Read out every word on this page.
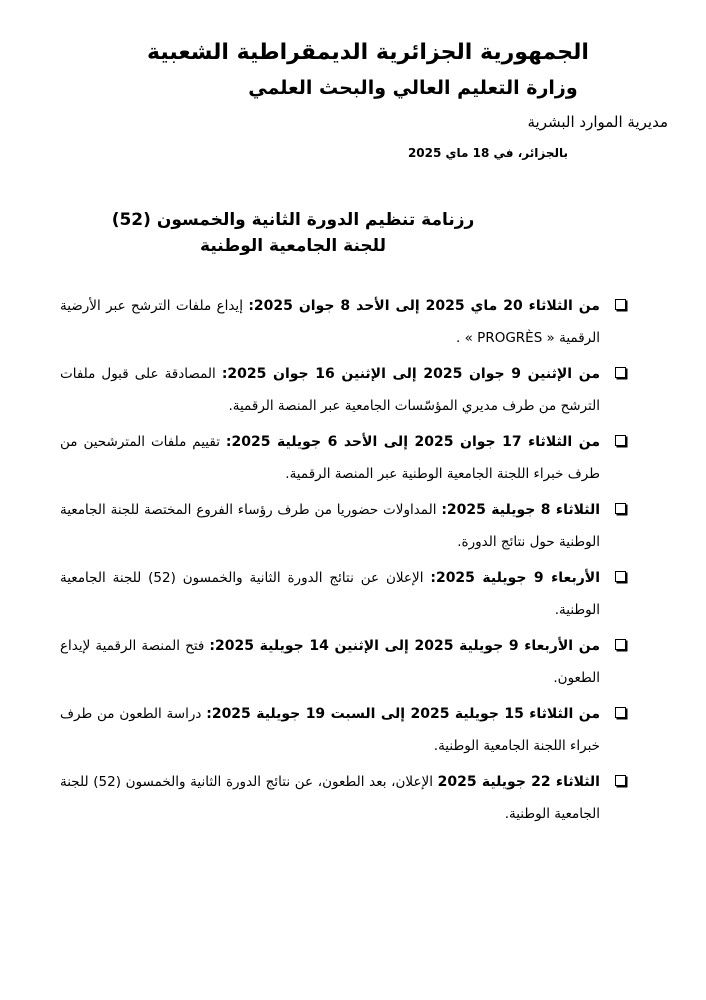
الجمهورية الجزائرية الديمقراطية الشعبية
وزارة التعليم العالي والبحث العلمي
مديرية الموارد البشرية
بالجزائر، في 18 ماي 2025
رزنامة تنظيم الدورة الثانية والخمسون (52)
للجنة الجامعية الوطنية
من الثلاثاء 20 ماي 2025 إلى الأحد 8 جوان 2025: إيداع ملفات الترشح عبر الأرضية الرقمية « PROGRÈS » .
من الإثنين 9 جوان 2025 إلى الإثنين 16 جوان 2025: المصادقة على قبول ملفات الترشح من طرف مديري المؤسّسات الجامعية عبر المنصة الرقمية.
من الثلاثاء 17 جوان 2025 إلى الأحد 6 جويلية 2025: تقييم ملفات المترشحين من طرف خبراء اللجنة الجامعية الوطنية عبر المنصة الرقمية.
الثلاثاء 8 جويلية 2025: المداولات حضوريا من طرف رؤساء الفروع المختصة للجنة الجامعية الوطنية حول نتائج الدورة.
الأربعاء 9 جويلية 2025: الإعلان عن نتائج الدورة الثانية والخمسون (52) للجنة الجامعية الوطنية.
من الأربعاء 9 جويلية 2025 إلى الإثنين 14 جويلية 2025: فتح المنصة الرقمية لإيداع الطعون.
من الثلاثاء 15 جويلية 2025 إلى السبت 19 جويلية 2025: دراسة الطعون من طرف خبراء اللجنة الجامعية الوطنية.
الثلاثاء 22 جويلية 2025 الإعلان، بعد الطعون، عن نتائج الدورة الثانية والخمسون (52) للجنة الجامعية الوطنية.
